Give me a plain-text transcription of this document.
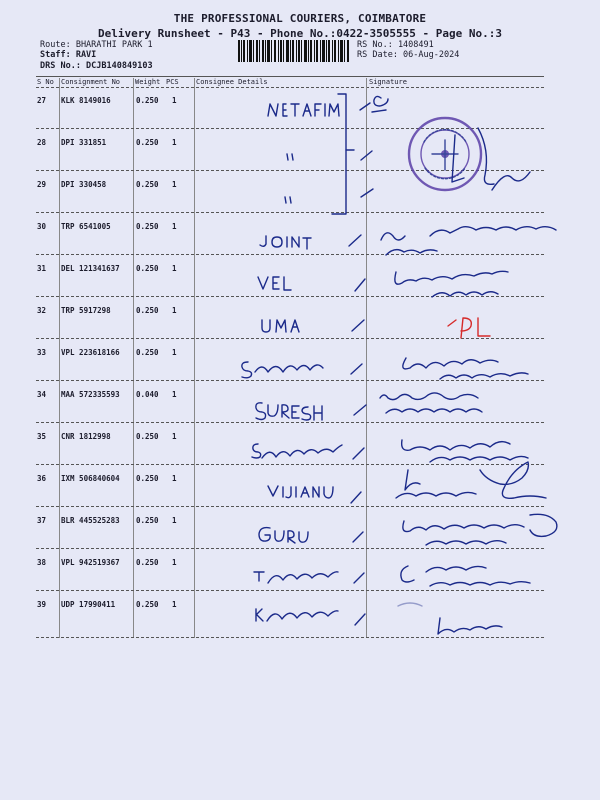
THE PROFESSIONAL COURIERS, COIMBATORE
Delivery Runsheet - P43 - Phone No.:0422-3505555 - Page No.:3
Route: BHARATHI PARK 1
Staff: RAVI
DRS No.: DCJB140849103
RS No.: 1408491
RS Date: 06-Aug-2024
S No Consignment No Weight PCS Consignee Details	Signature
27 KLK 8149016	0.250 1
28 DPI 331851	0.250 1
29 DPI 330458	0.250 1
30 TRP 6541005	0.250 1
31 DEL 121341637 0.250 1
32 TRP 5917298	0.250 1
33 VPL 223618166 0.250 1
34 MAA 572335593 0.040 1
35 CNR 1812998	0.250 1
36 IXM 506840604 0.250 1
37 BLR 445525283 0.250 1
38 VPL 942519367 0.250 1
39 UDP 17990411	0.250 1
